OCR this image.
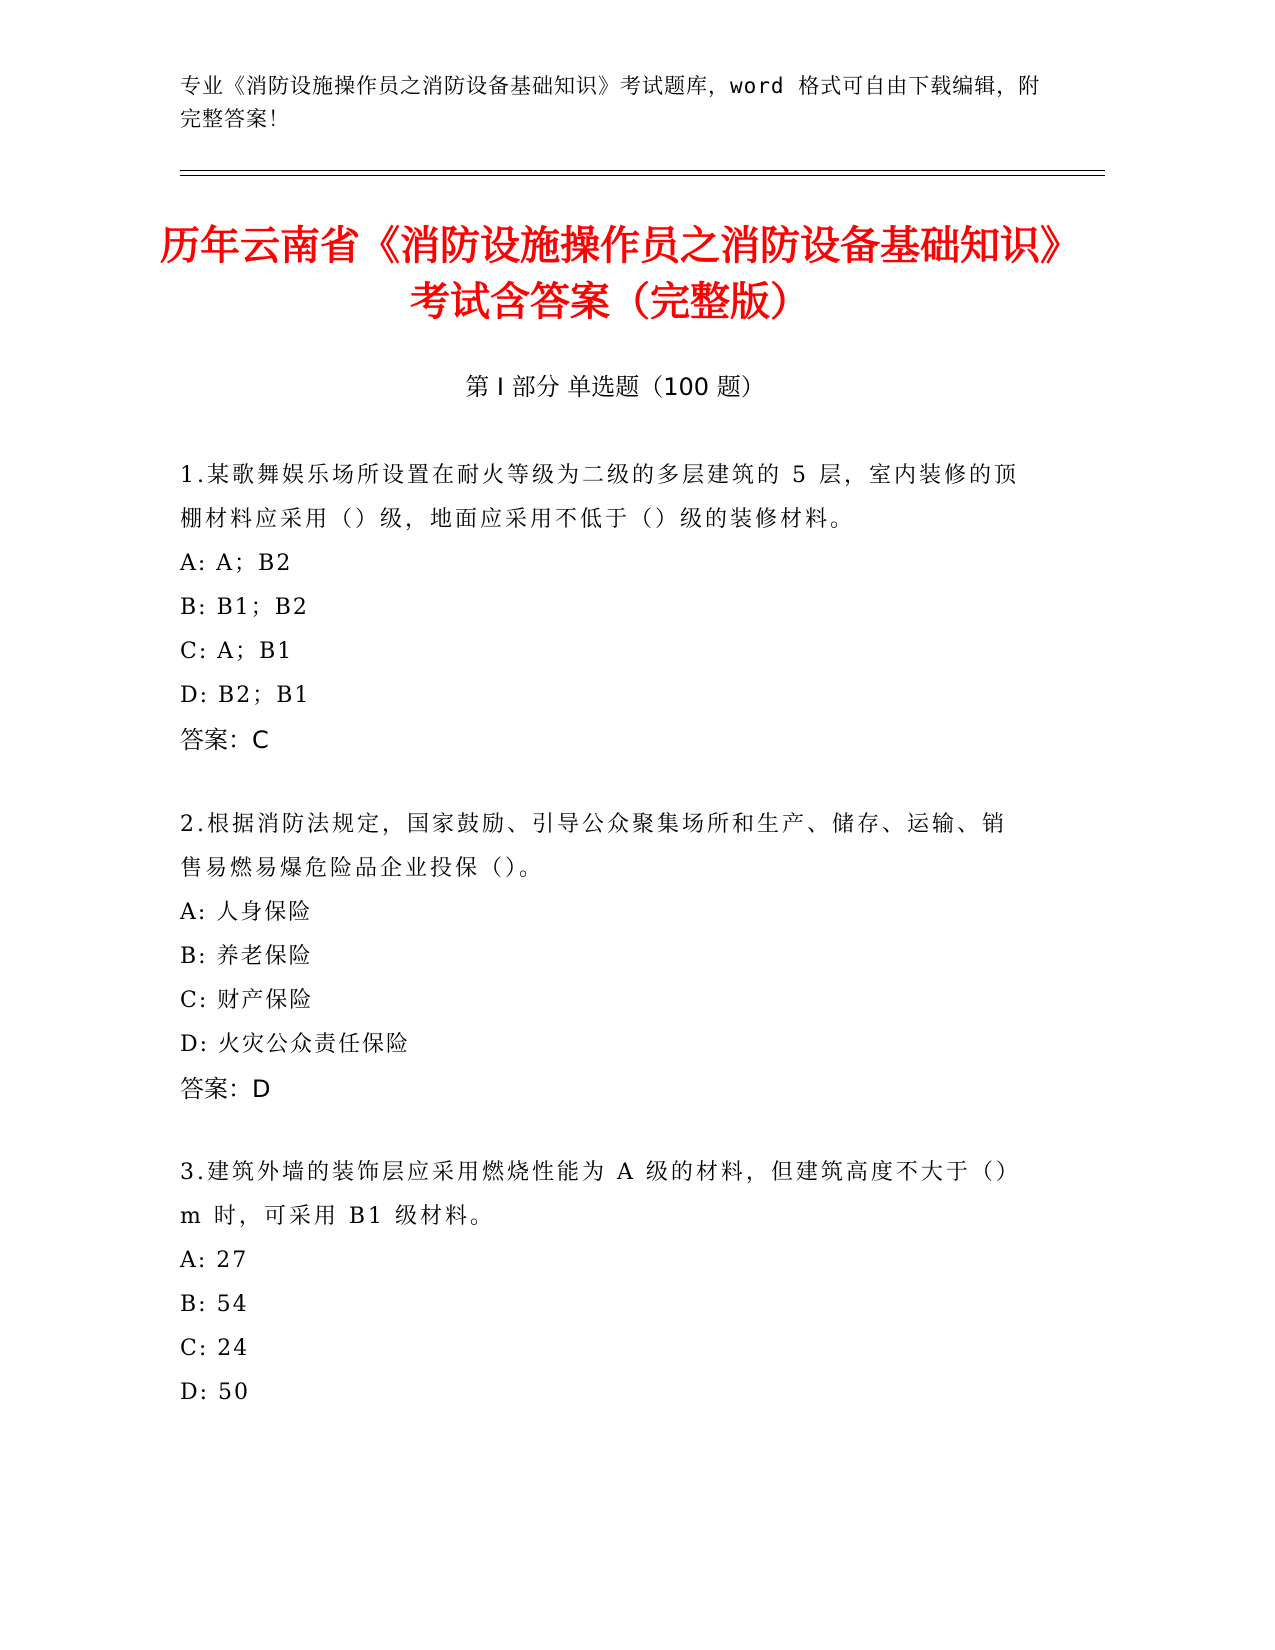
专业《消防设施操作员之消防设备基础知识》考试题库，word 格式可自由下载编辑，附完整答案！
历年云南省《消防设施操作员之消防设备基础知识》考试含答案（完整版）
第 I 部分 单选题（100 题）

1.某歌舞娱乐场所设置在耐火等级为二级的多层建筑的 5 层，室内装修的顶棚材料应采用（）级，地面应采用不低于（）级的装修材料。

A: A；B2

B: B1；B2

C: A；B1

D: B2；B1

答案：C

2.根据消防法规定，国家鼓励、引导公众聚集场所和生产、储存、运输、销售易燃易爆危险品企业投保（）。

A: 人身保险

B: 养老保险

C: 财产保险

D: 火灾公众责任保险

答案：D

3.建筑外墙的装饰层应采用燃烧性能为 A 级的材料，但建筑高度不大于（）m 时，可采用 B1 级材料。

A: 27

B: 54

C: 24

D: 50
